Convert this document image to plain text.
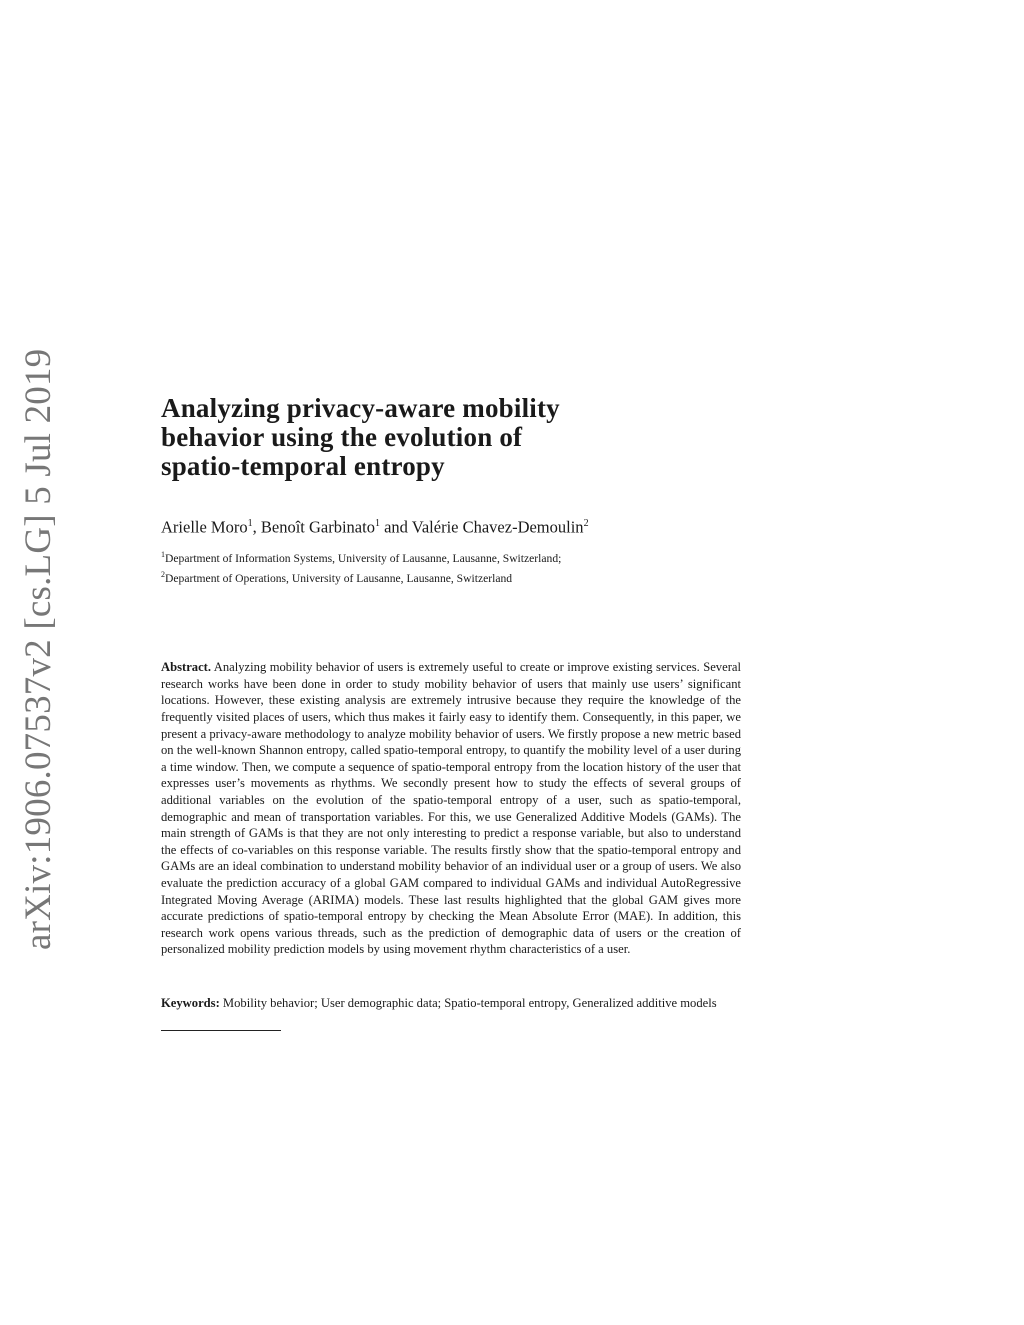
arXiv:1906.07537v2 [cs.LG] 5 Jul 2019	Analyzing privacy-aware mobility
behavior using the evolution of
spatio-temporal entropy
Arielle Moro$^1$, Benoît Garbinato$^1$ and Valérie Chavez-Demoulin$^2$
$^1$Department of Information Systems, University of Lausanne, Lausanne, Switzerland;
$^2$Department of Operations, University of Lausanne, Lausanne, Switzerland
Abstract. Analyzing mobility behavior of users is extremely useful to create or improve existing services. Several research works have been done in order to study mobility behavior of users that mainly use users’ significant locations. However, these existing analysis are extremely intrusive because they require the knowledge of the frequently visited places of users, which thus makes it fairly easy to identify them. Consequently, in this paper, we present a privacy-aware methodology to analyze mobility behavior of users. We firstly propose a new metric based on the well-known Shannon entropy, called spatio-temporal entropy, to quantify the mobility level of a user during a time window. Then, we compute a sequence of spatio-temporal entropy from the location history of the user that expresses user’s movements as rhythms. We secondly present how to study the effects of several groups of additional variables on the evolution of the spatio-temporal entropy of a user, such as spatio-temporal, demographic and mean of transportation variables. For this, we use Generalized Additive Models (GAMs). The main strength of GAMs is that they are not only interesting to predict a response variable, but also to understand the effects of co-variables on this response variable. The results firstly show that the spatio-temporal entropy and GAMs are an ideal combination to understand mobility behavior of an individual user or a group of users. We also evaluate the prediction accuracy of a global GAM compared to individual GAMs and individual AutoRegressive Integrated Moving Average (ARIMA) models. These last results highlighted that the global GAM gives more accurate predictions of spatio-temporal entropy by checking the Mean Absolute Error (MAE). In addition, this research work opens various threads, such as the prediction of demographic data of users or the creation of personalized mobility prediction models by using movement rhythm characteristics of a user.
Keywords: Mobility behavior; User demographic data; Spatio-temporal entropy, Generalized additive models
